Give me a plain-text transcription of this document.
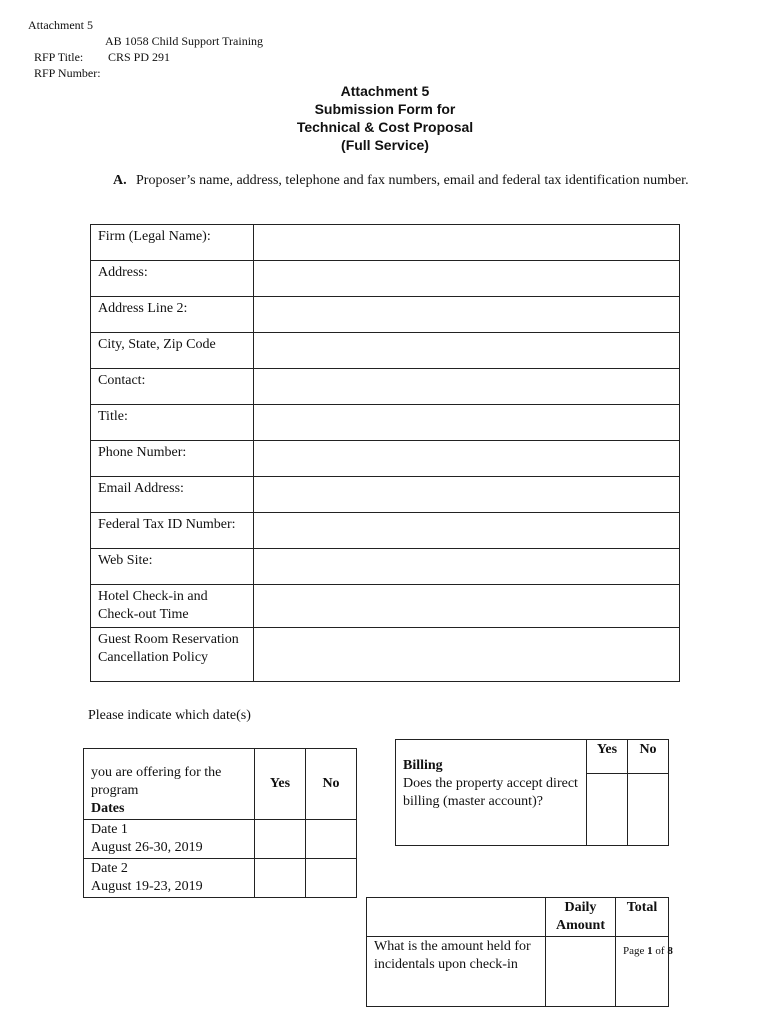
Attachment 5

RFP Title:

AB 1058 Child Support Training

RFP Number:

CRS PD 291

Attachment 5
Submission Form for
Technical & Cost Proposal
(Full Service)
A. Proposer’s name, address, telephone and fax numbers, email and federal tax identification number.
Firm (Legal Name):	
Address:	
Address Line 2:	
City, State, Zip Code	
Contact:	
Title:	
Phone Number:	
Email Address:	
Federal Tax ID Number:	
Web Site:	
Hotel Check-in and Check-out Time	
Guest Room Reservation Cancellation Policy	
Please indicate which date(s)
you are offering for the program
Dates	Yes	No

Date 1
August 26-30, 2019		

Date 2
August 19-23, 2019		

Billing
Does the property accept direct billing (master account)?	Yes	No

	Daily Amount	Total
What is the amount held for incidentals upon check-in		
Page 1 of 8
